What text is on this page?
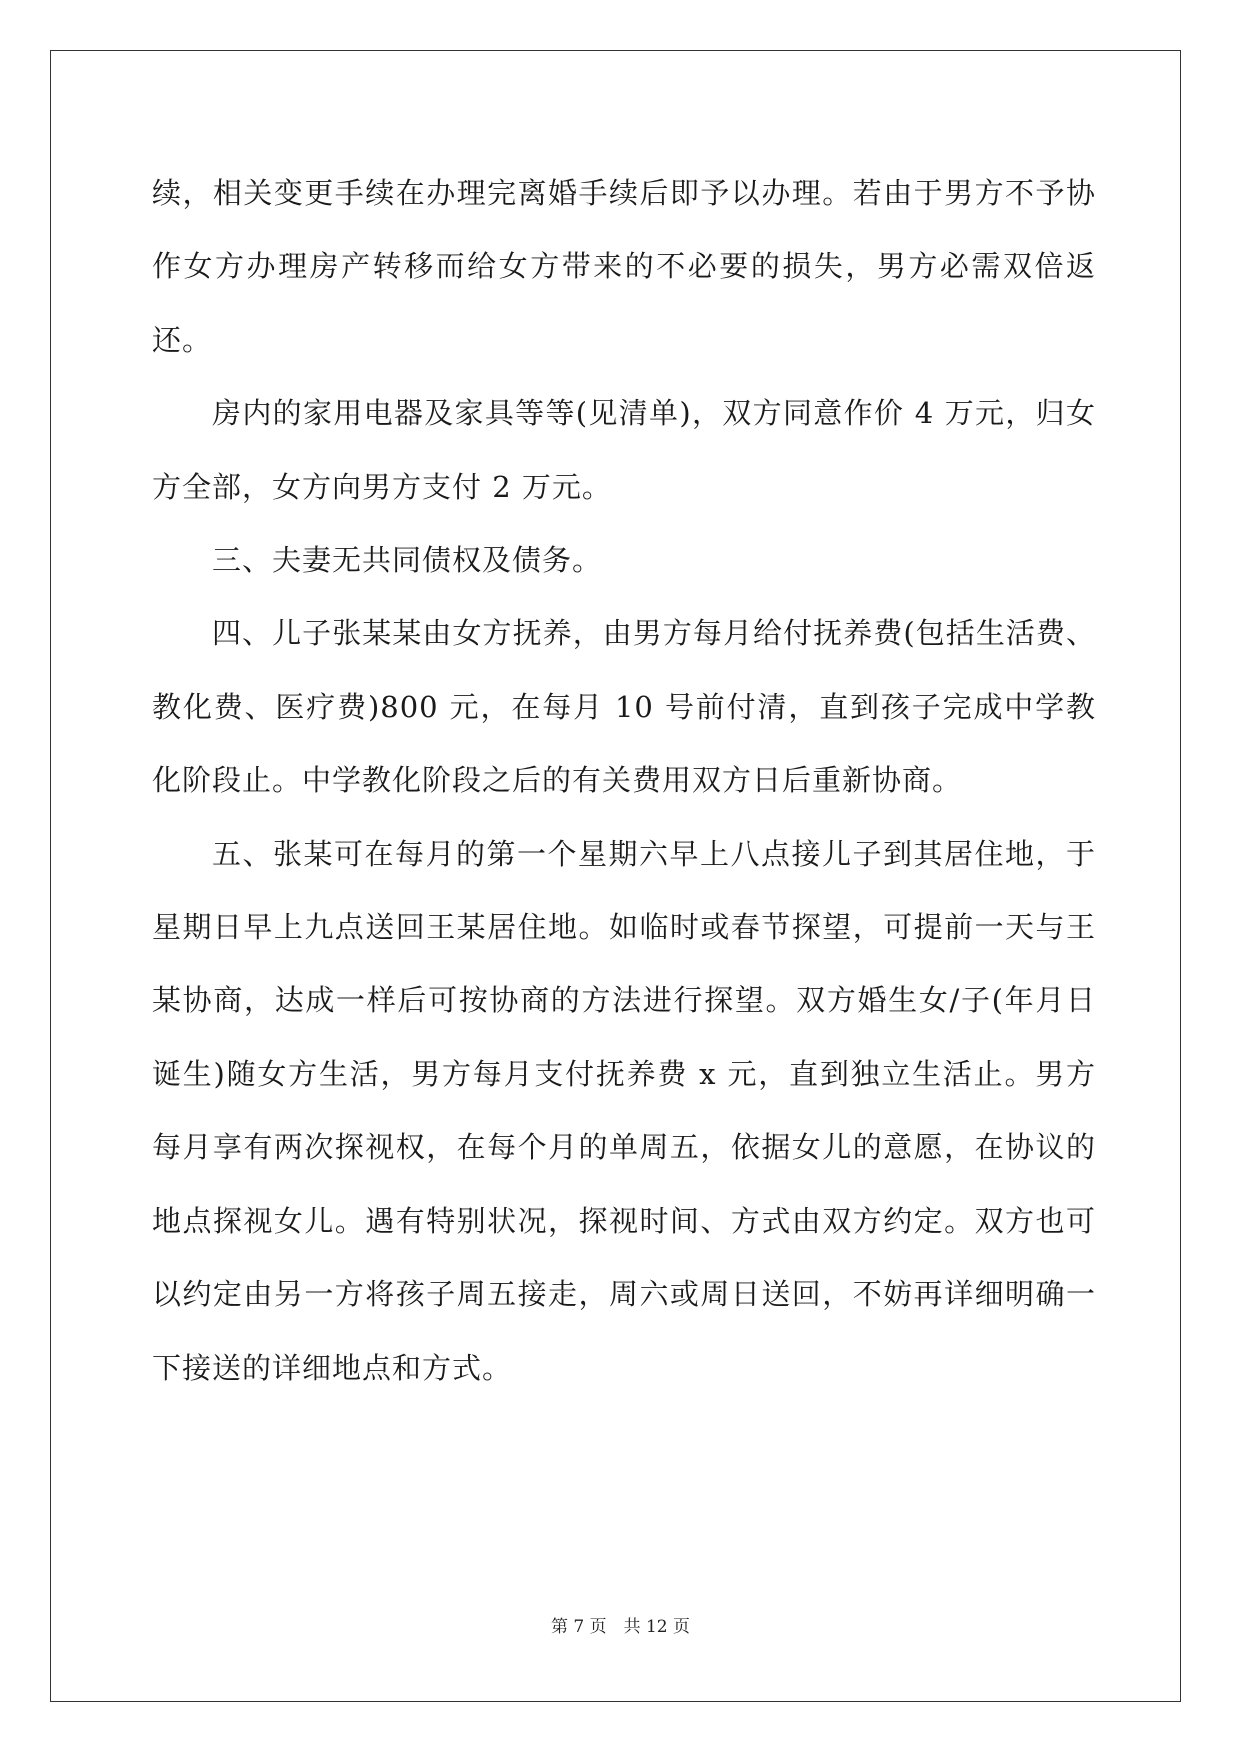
续，相关变更手续在办理完离婚手续后即予以办理。若由于男方不予协作女方办理房产转移而给女方带来的不必要的损失，男方必需双倍返还。

房内的家用电器及家具等等(见清单)，双方同意作价 4 万元，归女方全部，女方向男方支付 2 万元。

三、夫妻无共同债权及债务。

四、儿子张某某由女方抚养，由男方每月给付抚养费(包括生活费、教化费、医疗费)800 元，在每月 10 号前付清，直到孩子完成中学教化阶段止。中学教化阶段之后的有关费用双方日后重新协商。

五、张某可在每月的第一个星期六早上八点接儿子到其居住地，于星期日早上九点送回王某居住地。如临时或春节探望，可提前一天与王某协商，达成一样后可按协商的方法进行探望。双方婚生女/子(年月日诞生)随女方生活，男方每月支付抚养费 x 元，直到独立生活止。男方每月享有两次探视权，在每个月的单周五，依据女儿的意愿，在协议的地点探视女儿。遇有特别状况，探视时间、方式由双方约定。双方也可以约定由另一方将孩子周五接走，周六或周日送回，不妨再详细明确一下接送的详细地点和方式。

第 7 页　共 12 页
